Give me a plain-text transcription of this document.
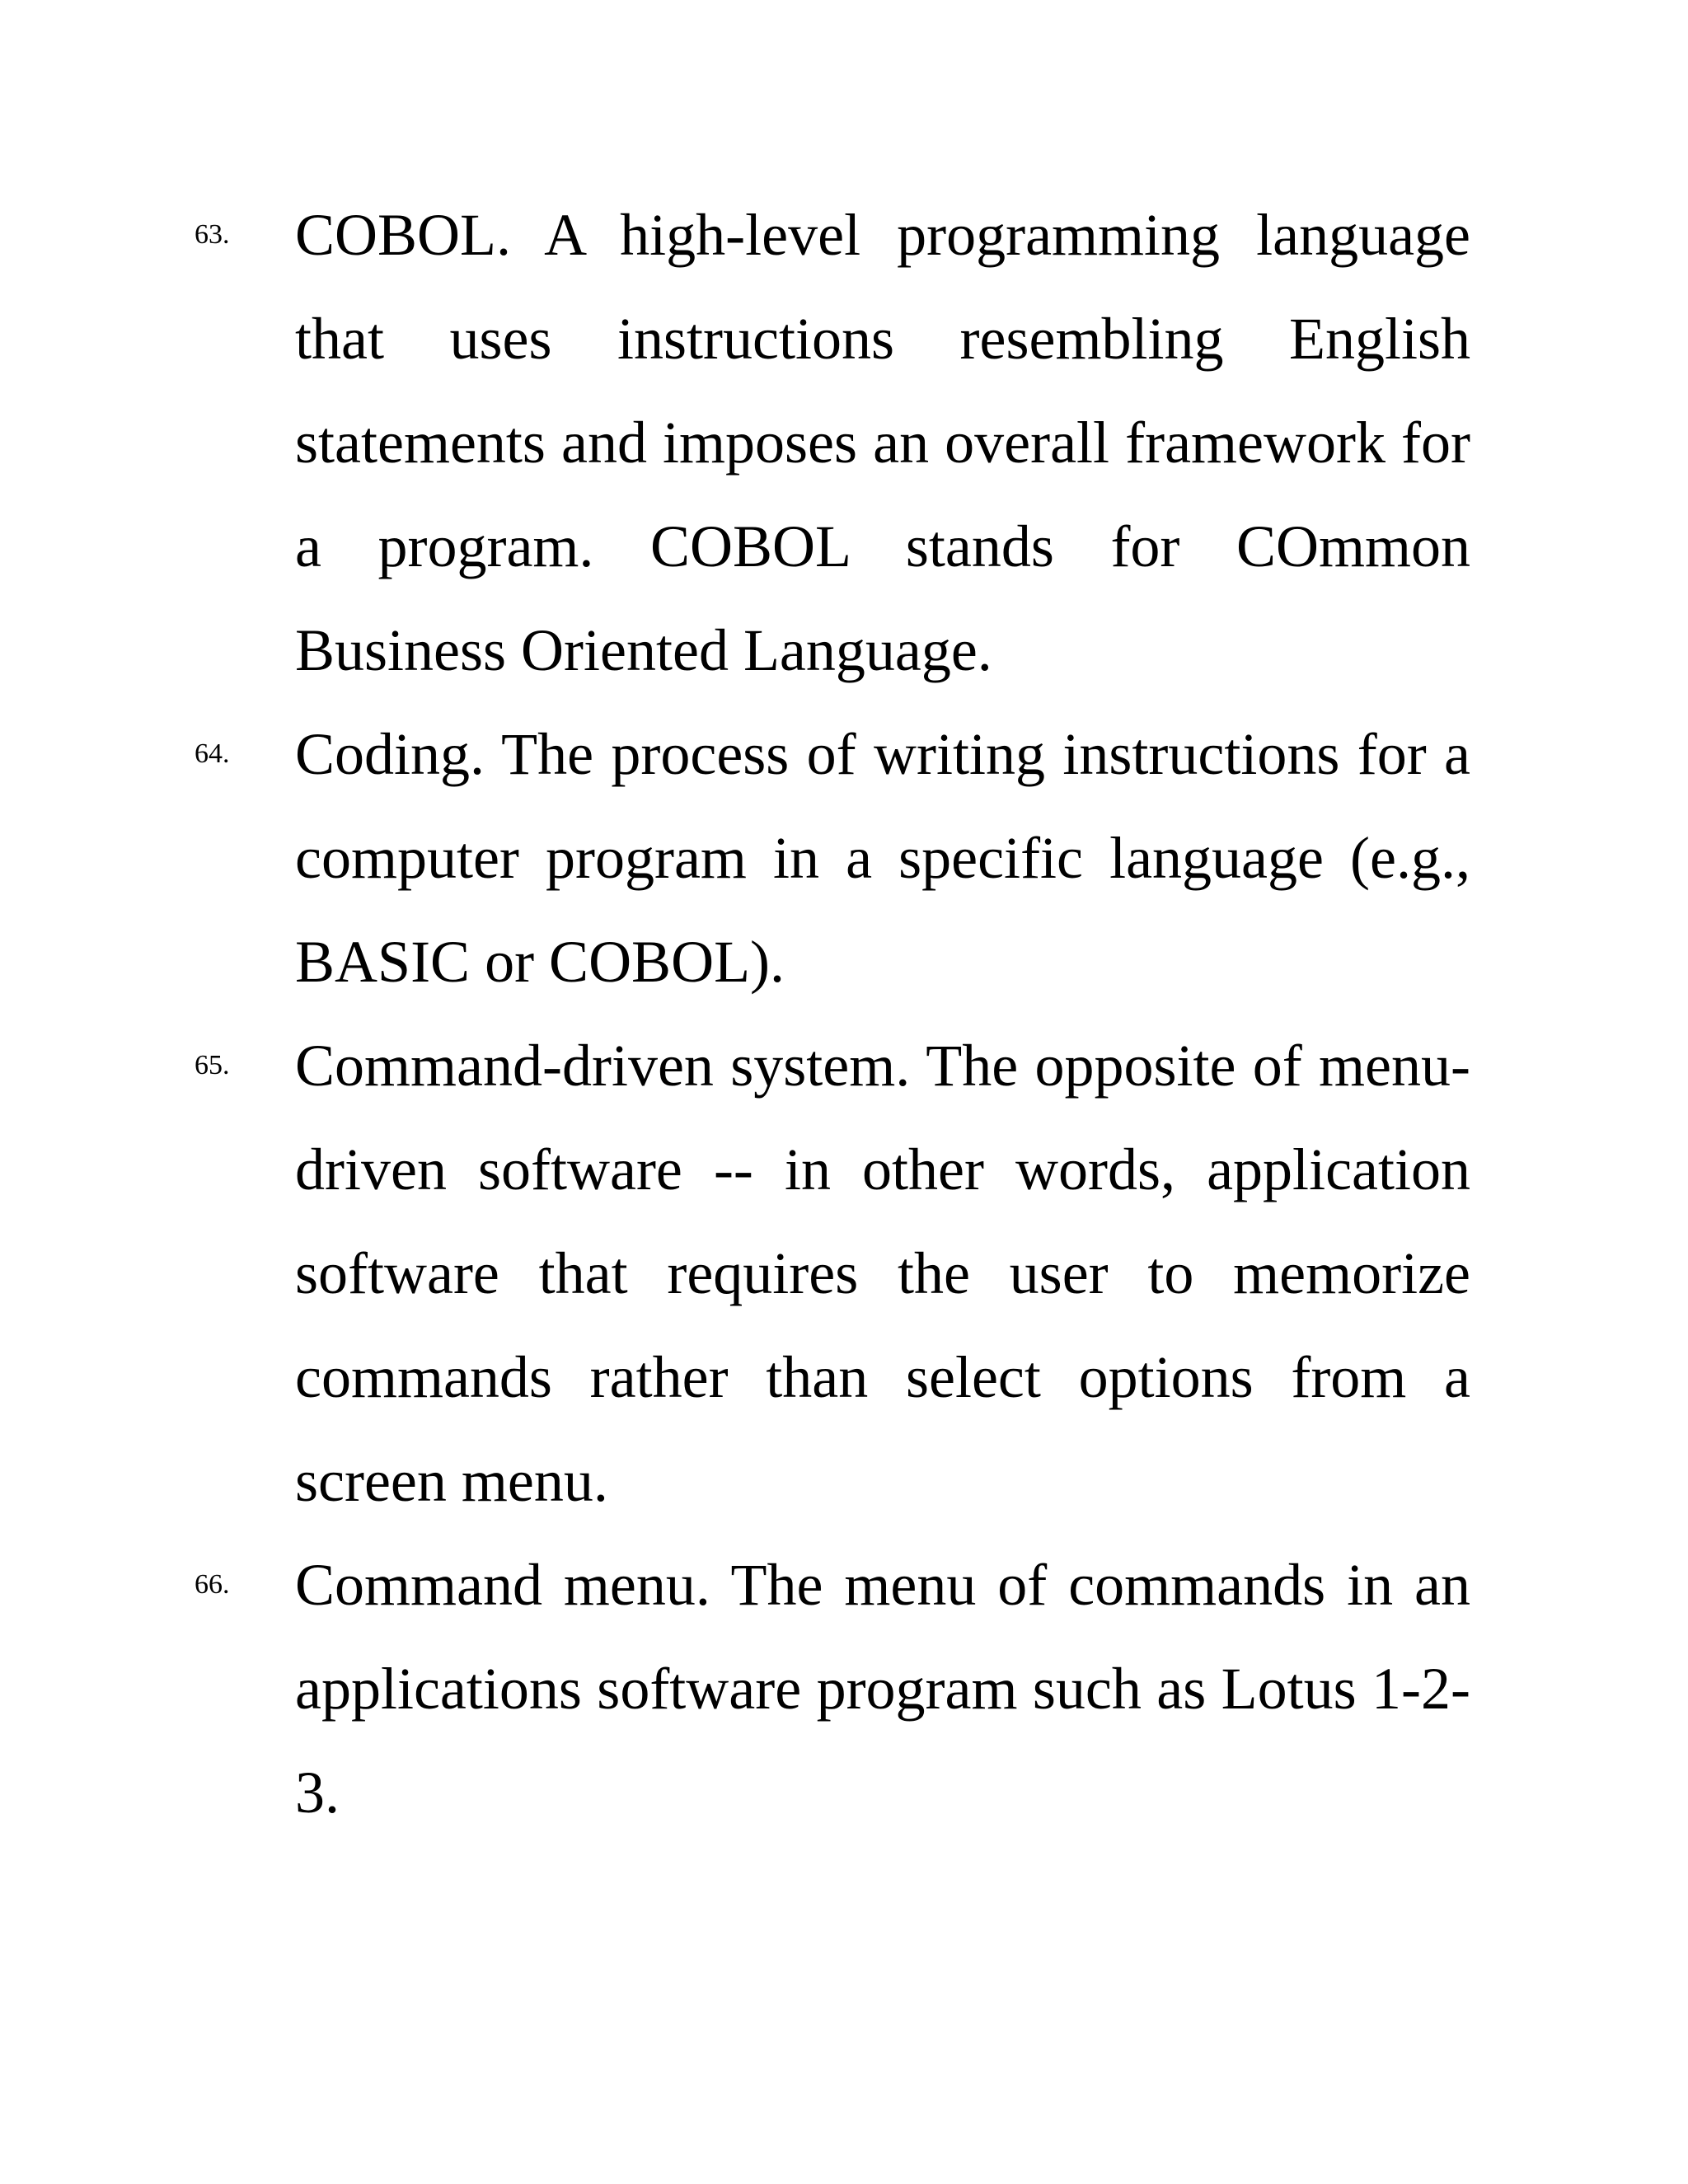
63. COBOL. A high-level programming language that uses instructions resembling English statements and imposes an overall framework for a program. COBOL stands for COmmon Business Oriented Language.

64. Coding. The process of writing instructions for a computer program in a specific language (e.g., BASIC or COBOL).

65. Command-driven system. The opposite of menu-driven software -- in other words, application software that requires the user to memorize commands rather than select options from a screen menu.

66. Command menu. The menu of commands in an applications software program such as Lotus 1-2-3.
